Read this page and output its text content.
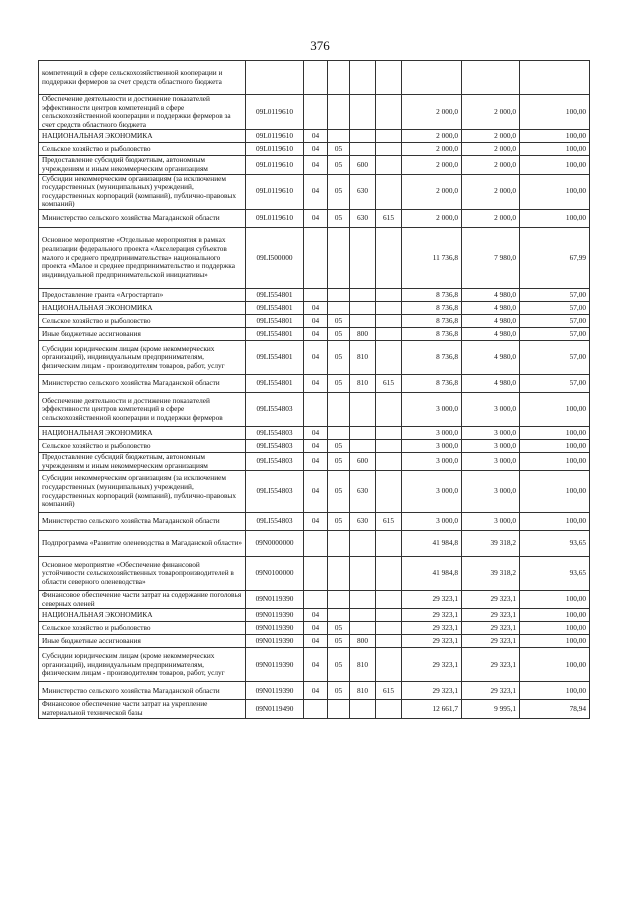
376
компетенций в сфере сельскохозяйственной кооперации и поддержки фермеров за счет средств областного бюджета								
Обеспечение деятельности и достижение показателей эффективности центров компетенций в сфере сельскохозяйственной кооперации и поддержки фермеров за счет средств областного бюджета	09L0119610					2 000,0	2 000,0	100,00
НАЦИОНАЛЬНАЯ ЭКОНОМИКА	09L0119610	04				2 000,0	2 000,0	100,00
Сельское хозяйство и рыболовство	09L0119610	04	05			2 000,0	2 000,0	100,00
Предоставление субсидий бюджетным, автономным учреждениям и иным некоммерческим организациям	09L0119610	04	05	600		2 000,0	2 000,0	100,00
Субсидии некоммерческим организациям (за исключением государственных (муниципальных) учреждений, государственных корпораций (компаний), публично-правовых компаний)	09L0119610	04	05	630		2 000,0	2 000,0	100,00
Министерство сельского хозяйства Магаданской области	09L0119610	04	05	630	615	2 000,0	2 000,0	100,00
Основное мероприятие «Отдельные мероприятия в рамках реализации федерального проекта «Акселерация субъектов малого и среднего предпринимательства» национального проекта «Малое и среднее предпринимательство и поддержка индивидуальной предпринимательской инициативы»	09LI500000					11 736,8	7 980,0	67,99
Предоставление гранта «Агростартап»	09LI554801					8 736,8	4 980,0	57,00
НАЦИОНАЛЬНАЯ ЭКОНОМИКА	09LI554801	04				8 736,8	4 980,0	57,00
Сельское хозяйство и рыболовство	09LI554801	04	05			8 736,8	4 980,0	57,00
Иные бюджетные ассигнования	09LI554801	04	05	800		8 736,8	4 980,0	57,00
Субсидии юридическим лицам (кроме некоммерческих организаций), индивидуальным предпринимателям, физическим лицам - производителям товаров, работ, услуг	09LI554801	04	05	810		8 736,8	4 980,0	57,00
Министерство сельского хозяйства Магаданской области	09LI554801	04	05	810	615	8 736,8	4 980,0	57,00
Обеспечение деятельности и достижение показателей эффективности центров компетенций в сфере сельскохозяйственной кооперации и поддержки фермеров	09LI554803					3 000,0	3 000,0	100,00
НАЦИОНАЛЬНАЯ ЭКОНОМИКА	09LI554803	04				3 000,0	3 000,0	100,00
Сельское хозяйство и рыболовство	09LI554803	04	05			3 000,0	3 000,0	100,00
Предоставление субсидий бюджетным, автономным учреждениям и иным некоммерческим организациям	09LI554803	04	05	600		3 000,0	3 000,0	100,00
Субсидии некоммерческим организациям (за исключением государственных (муниципальных) учреждений, государственных корпораций (компаний), публично-правовых компаний)	09LI554803	04	05	630		3 000,0	3 000,0	100,00
Министерство сельского хозяйства Магаданской области	09LI554803	04	05	630	615	3 000,0	3 000,0	100,00
Подпрограмма «Развитие оленеводства в Магаданской области»	09N0000000					41 984,8	39 318,2	93,65
Основное мероприятие «Обеспечение финансовой устойчивости сельскохозяйственных товаропроизводителей в области северного оленеводства»	09N0100000					41 984,8	39 318,2	93,65
Финансовое обеспечение части затрат на содержание поголовья северных оленей	09N0119390					29 323,1	29 323,1	100,00
НАЦИОНАЛЬНАЯ ЭКОНОМИКА	09N0119390	04				29 323,1	29 323,1	100,00
Сельское хозяйство и рыболовство	09N0119390	04	05			29 323,1	29 323,1	100,00
Иные бюджетные ассигнования	09N0119390	04	05	800		29 323,1	29 323,1	100,00
Субсидии юридическим лицам (кроме некоммерческих организаций), индивидуальным предпринимателям, физическим лицам - производителям товаров, работ, услуг	09N0119390	04	05	810		29 323,1	29 323,1	100,00
Министерство сельского хозяйства Магаданской области	09N0119390	04	05	810	615	29 323,1	29 323,1	100,00
Финансовое обеспечение части затрат на укрепление материальной технической базы	09N0119490					12 661,7	9 995,1	78,94
